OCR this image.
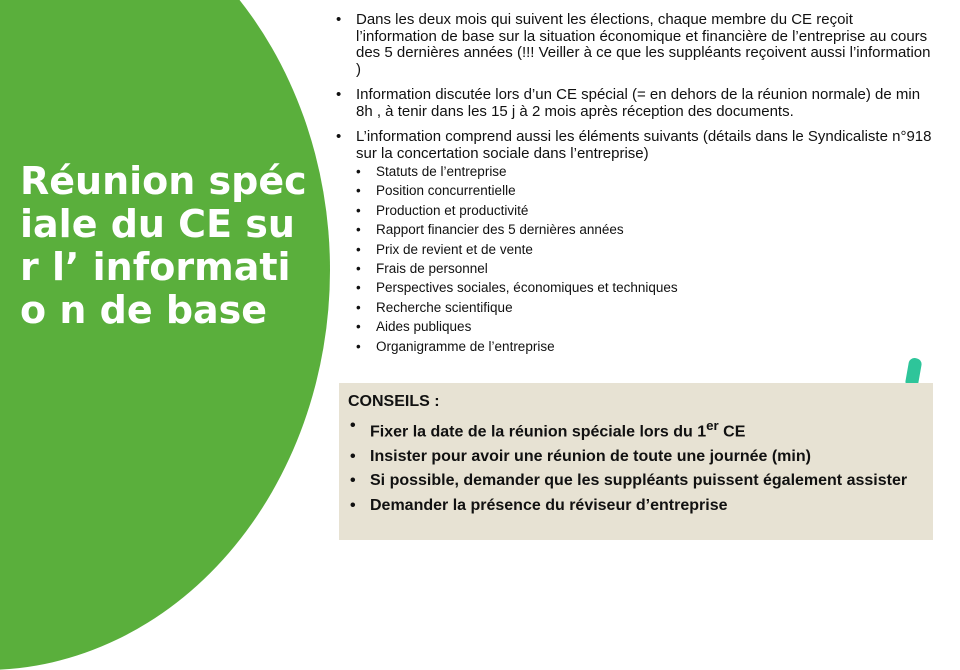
Réunion spéciale du CE sur l’ informatio n de base
• Dans les deux mois qui suivent les élections, chaque membre du CE reçoit l’information de base sur la situation économique et financière de l’entreprise au cours des 5 dernières années (!!! Veiller à ce que les suppléants reçoivent aussi l’information )
• Information discutée lors d’un CE spécial (= en dehors de la réunion normale) de min 8h , à tenir dans les 15 j à 2 mois après réception des documents.
• L’information comprend aussi les éléments suivants (détails dans le Syndicaliste n°918 sur la concertation sociale dans l’entreprise)
• Statuts de l’entreprise
• Position concurrentielle
• Production et productivité
• Rapport financier des 5 dernières années
• Prix de revient et de vente
• Frais de personnel
• Perspectives sociales, économiques et techniques
• Recherche scientifique
• Aides publiques
• Organigramme de l’entreprise
CONSEILS :
• Fixer la date de la réunion spéciale lors du 1er CE
• Insister pour avoir une réunion de toute une journée (min)
• Si possible, demander que les suppléants puissent également assister
• Demander la présence du réviseur d’entreprise
